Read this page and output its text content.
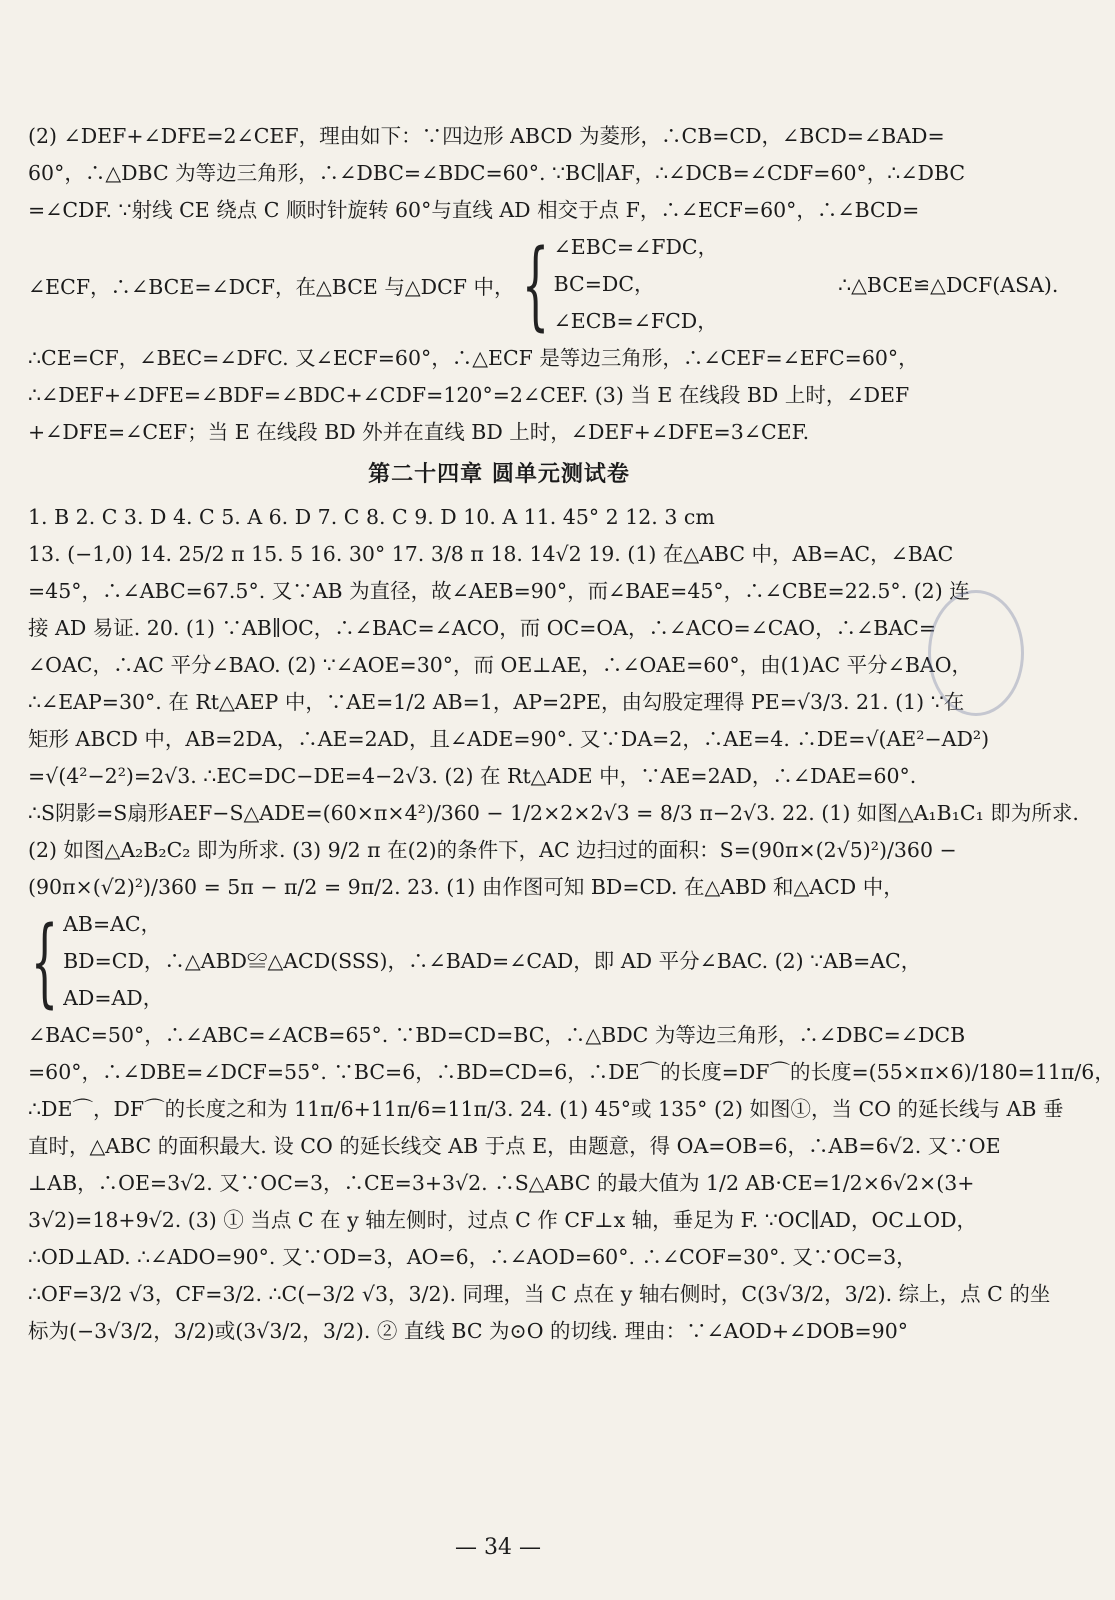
(2) ∠DEF+∠DFE=2∠CEF，理由如下：∵四边形 ABCD 为菱形，∴CB=CD，∠BCD=∠BAD=
60°，∴△DBC 为等边三角形，∴∠DBC=∠BDC=60°. ∵BC∥AF，∴∠DCB=∠CDF=60°，∴∠DBC
=∠CDF. ∵射线 CE 绕点 C 顺时针旋转 60°与直线 AD 相交于点 F，∴∠ECF=60°，∴∠BCD=
∠ECF，∴∠BCE=∠DCF，在△BCE 与△DCF 中， { ∠EBC=∠FDC，
BC=DC，
∠ECB=∠FCD，
∴△BCE≌△DCF(ASA).
∴CE=CF，∠BEC=∠DFC. 又∠ECF=60°，∴△ECF 是等边三角形，∴∠CEF=∠EFC=60°，
∴∠DEF+∠DFE=∠BDF=∠BDC+∠CDF=120°=2∠CEF. (3) 当 E 在线段 BD 上时，∠DEF
+∠DFE=∠CEF；当 E 在线段 BD 外并在直线 BD 上时，∠DEF+∠DFE=3∠CEF.
第二十四章 圆单元测试卷
1. B 2. C 3. D 4. C 5. A 6. D 7. C 8. C 9. D 10. A 11. 45° 2 12. 3 cm
13. (−1,0) 14. 25/2 π 15. 5 16. 30° 17. 3/8 π 18. 14√2 19. (1) 在△ABC 中，AB=AC，∠BAC
=45°，∴∠ABC=67.5°. 又∵AB 为直径，故∠AEB=90°，而∠BAE=45°，∴∠CBE=22.5°. (2) 连
接 AD 易证. 20. (1) ∵AB∥OC，∴∠BAC=∠ACO，而 OC=OA，∴∠ACO=∠CAO，∴∠BAC=
∠OAC，∴AC 平分∠BAO. (2) ∵∠AOE=30°，而 OE⊥AE，∴∠OAE=60°，由(1)AC 平分∠BAO，
∴∠EAP=30°. 在 Rt△AEP 中，∵AE=1/2 AB=1，AP=2PE，由勾股定理得 PE=√3/3. 21. (1) ∵在
矩形 ABCD 中，AB=2DA，∴AE=2AD，且∠ADE=90°. 又∵DA=2，∴AE=4. ∴DE=√(AE²−AD²)
=√(4²−2²)=2√3. ∴EC=DC−DE=4−2√3. (2) 在 Rt△ADE 中，∵AE=2AD，∴∠DAE=60°.
∴S阴影=S扇形AEF−S△ADE=(60×π×4²)/360 − 1/2×2×2√3 = 8/3 π−2√3. 22. (1) 如图△A₁B₁C₁ 即为所求.
(2) 如图△A₂B₂C₂ 即为所求. (3) 9/2 π 在(2)的条件下，AC 边扫过的面积：S=(90π×(2√5)²)/360 −
(90π×(√2)²)/360 = 5π − π/2 = 9π/2. 23. (1) 由作图可知 BD=CD. 在△ABD 和△ACD 中，
{ AB=AC，
BD=CD，∴△ABD≌△ACD(SSS)，∴∠BAD=∠CAD，即 AD 平分∠BAC. (2) ∵AB=AC，
AD=AD，
∠BAC=50°，∴∠ABC=∠ACB=65°. ∵BD=CD=BC，∴△BDC 为等边三角形，∴∠DBC=∠DCB
=60°，∴∠DBE=∠DCF=55°. ∵BC=6，∴BD=CD=6，∴DE⌒的长度=DF⌒的长度=(55×π×6)/180=11π/6，
∴DE⌒，DF⌒的长度之和为 11π/6+11π/6=11π/3. 24. (1) 45°或 135° (2) 如图①，当 CO 的延长线与 AB 垂
直时，△ABC 的面积最大. 设 CO 的延长线交 AB 于点 E，由题意，得 OA=OB=6，∴AB=6√2. 又∵OE
⊥AB，∴OE=3√2. 又∵OC=3，∴CE=3+3√2. ∴S△ABC 的最大值为 1/2 AB·CE=1/2×6√2×(3+
3√2)=18+9√2. (3) ① 当点 C 在 y 轴左侧时，过点 C 作 CF⊥x 轴，垂足为 F. ∵OC∥AD，OC⊥OD，
∴OD⊥AD. ∴∠ADO=90°. 又∵OD=3，AO=6，∴∠AOD=60°. ∴∠COF=30°. 又∵OC=3，
∴OF=3/2 √3，CF=3/2. ∴C(−3/2 √3，3/2). 同理，当 C 点在 y 轴右侧时，C(3√3/2，3/2). 综上，点 C 的坐
标为(−3√3/2，3/2)或(3√3/2，3/2). ② 直线 BC 为⊙O 的切线. 理由：∵∠AOD+∠DOB=90°
— 34 —
